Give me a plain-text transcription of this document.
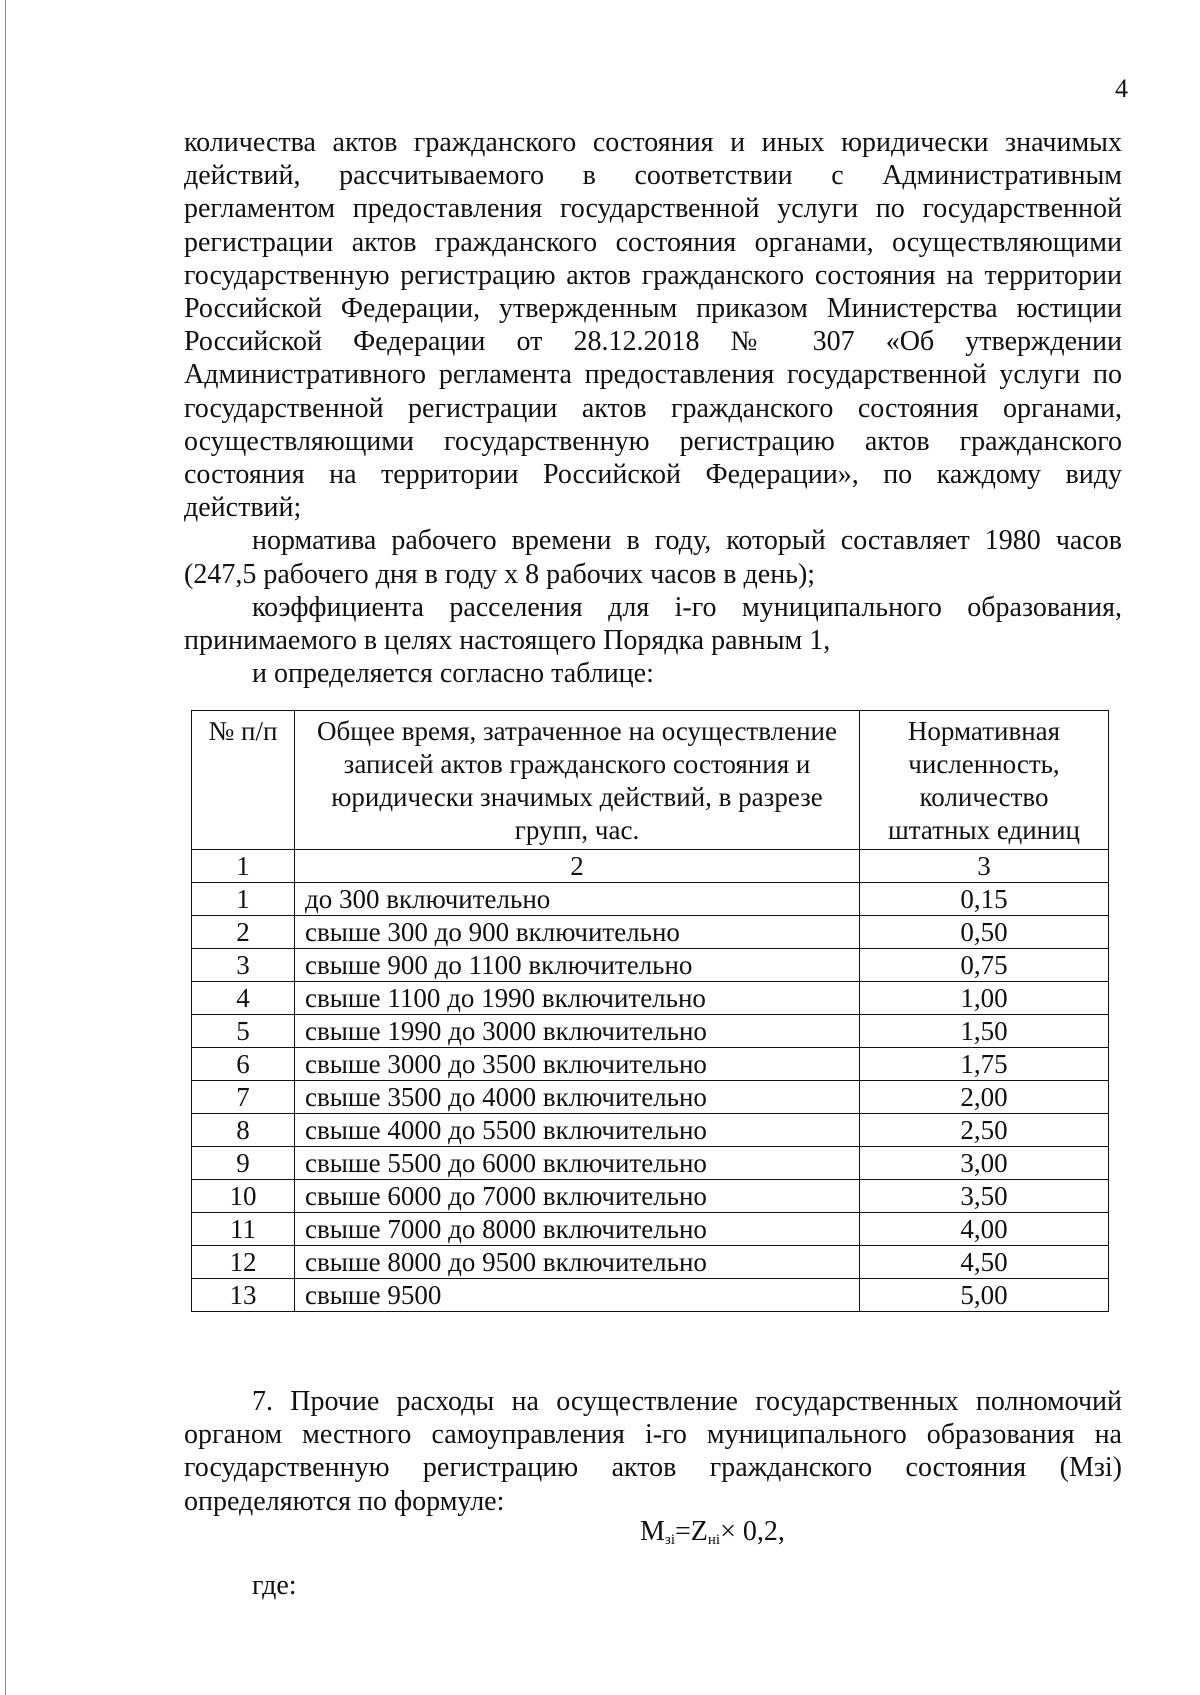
4

количества актов гражданского состояния и иных юридически значимых действий, рассчитываемого в соответствии с Административным регламентом предоставления государственной услуги по государственной регистрации актов гражданского состояния органами, осуществляющими государственную регистрацию актов гражданского состояния на территории Российской Федерации, утвержденным приказом Министерства юстиции Российской Федерации от 28.12.2018 № 307 «Об утверждении Административного регламента предоставления государственной услуги по государственной регистрации актов гражданского состояния органами, осуществляющими государственную регистрацию актов гражданского состояния на территории Российской Федерации», по каждому виду действий;

норматива рабочего времени в году, который составляет 1980 часов (247,5 рабочего дня в году х 8 рабочих часов в день);

коэффициента расселения для i-го муниципального образования, принимаемого в целях настоящего Порядка равным 1,

и определяется согласно таблице:

№ п/п	Общее время, затраченное на осуществление записей актов гражданского состояния и юридически значимых действий, в разрезе групп, час.	Нормативная численность, количество штатных единиц
1	2	3
1	до 300 включительно	0,15
2	свыше 300 до 900 включительно	0,50
3	свыше 900 до 1100 включительно	0,75
4	свыше 1100 до 1990 включительно	1,00
5	свыше 1990 до 3000 включительно	1,50
6	свыше 3000 до 3500 включительно	1,75
7	свыше 3500 до 4000 включительно	2,00
8	свыше 4000 до 5500 включительно	2,50
9	свыше 5500 до 6000 включительно	3,00
10	свыше 6000 до 7000 включительно	3,50
11	свыше 7000 до 8000 включительно	4,00
12	свыше 8000 до 9500 включительно	4,50
13	свыше 9500	5,00

7. Прочие расходы на осуществление государственных полномочий органом местного самоуправления i-го муниципального образования на государственную регистрацию актов гражданского состояния (Mзi) определяются по формуле:

$M_{зi}=Z_{нi}\times 0,2$,
где:
